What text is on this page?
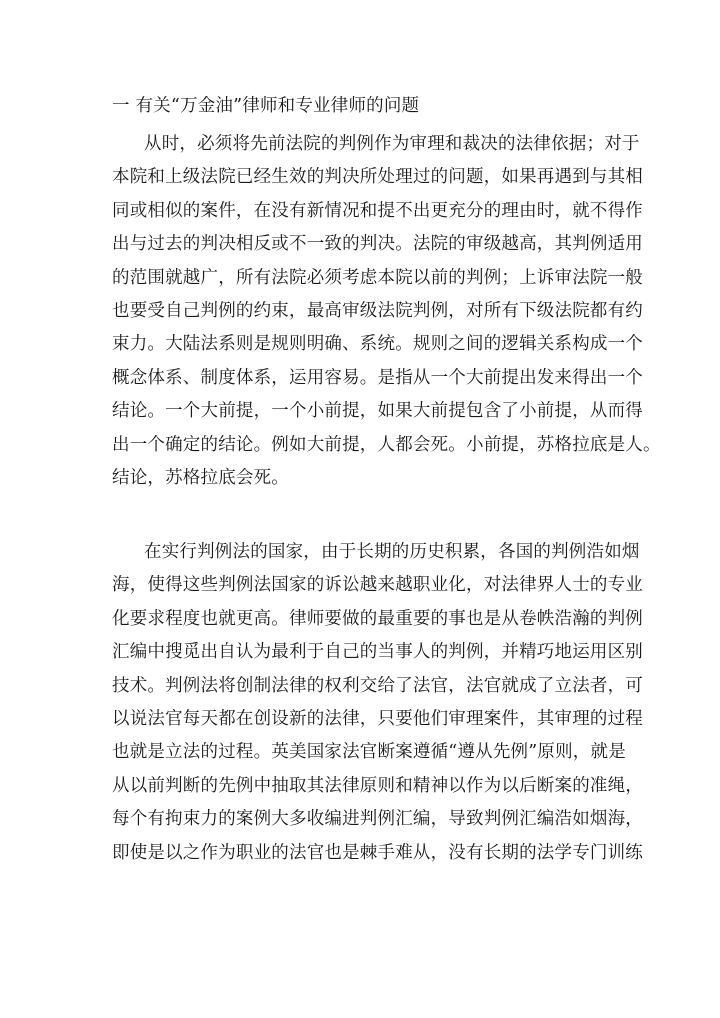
一 有关“万金油”律师和专业律师的问题
从时，必须将先前法院的判例作为审理和裁决的法律依据；对于
本院和上级法院已经生效的判决所处理过的问题，如果再遇到与其相
同或相似的案件，在没有新情况和提不出更充分的理由时，就不得作
出与过去的判决相反或不一致的判决。法院的审级越高，其判例适用
的范围就越广，所有法院必须考虑本院以前的判例；上诉审法院一般
也要受自己判例的约束，最高审级法院判例，对所有下级法院都有约
束力。大陆法系则是规则明确、系统。规则之间的逻辑关系构成一个
概念体系、制度体系，运用容易。是指从一个大前提出发来得出一个
结论。一个大前提，一个小前提，如果大前提包含了小前提，从而得
出一个确定的结论。例如大前提，人都会死。小前提，苏格拉底是人。
结论，苏格拉底会死。
在实行判例法的国家，由于长期的历史积累，各国的判例浩如烟
海，使得这些判例法国家的诉讼越来越职业化，对法律界人士的专业
化要求程度也就更高。律师要做的最重要的事也是从卷帙浩瀚的判例
汇编中搜觅出自认为最利于自己的当事人的判例，并精巧地运用区别
技术。判例法将创制法律的权利交给了法官，法官就成了立法者，可
以说法官每天都在创设新的法律，只要他们审理案件，其审理的过程
也就是立法的过程。英美国家法官断案遵循“遵从先例”原则，就是
从以前判断的先例中抽取其法律原则和精神以作为以后断案的准绳，
每个有拘束力的案例大多收编进判例汇编，导致判例汇编浩如烟海，
即使是以之作为职业的法官也是棘手难从，没有长期的法学专门训练
